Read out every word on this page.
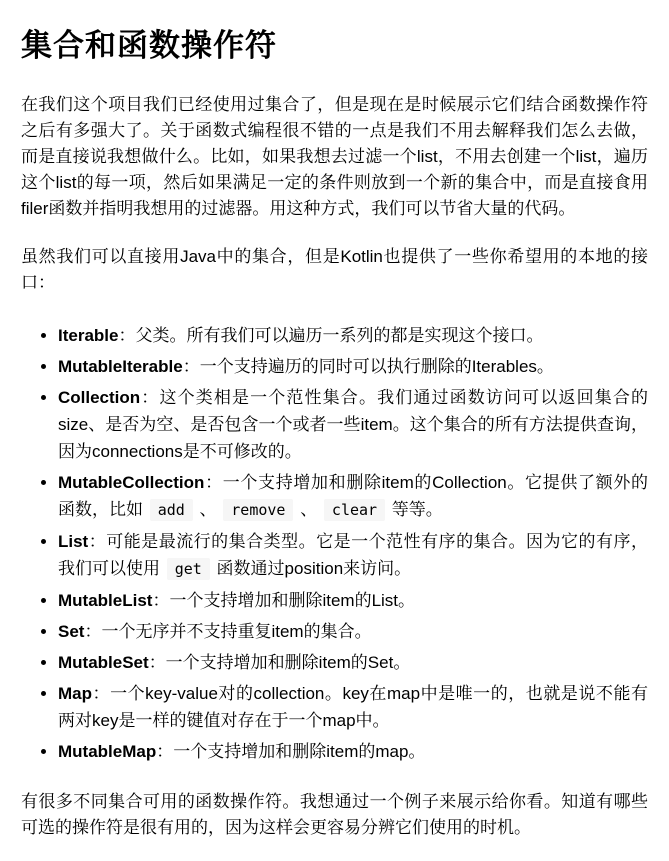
集合和函数操作符

在我们这个项目我们已经使用过集合了，但是现在是时候展示它们结合函数操作符之后有多强大了。关于函数式编程很不错的一点是我们不用去解释我们怎么去做，而是直接说我想做什么。比如，如果我想去过滤一个list，不用去创建一个list，遍历这个list的每一项，然后如果满足一定的条件则放到一个新的集合中，而是直接食用filer函数并指明我想用的过滤器。用这种方式，我们可以节省大量的代码。

虽然我们可以直接用Java中的集合，但是Kotlin也提供了一些你希望用的本地的接口：

• Iterable：父类。所有我们可以遍历一系列的都是实现这个接口。
• MutableIterable：一个支持遍历的同时可以执行删除的Iterables。
• Collection：这个类相是一个范性集合。我们通过函数访问可以返回集合的size、是否为空、是否包含一个或者一些item。这个集合的所有方法提供查询，因为connections是不可修改的。
• MutableCollection：一个支持增加和删除item的Collection。它提供了额外的函数，比如 add 、 remove 、 clear 等等。
• List：可能是最流行的集合类型。它是一个范性有序的集合。因为它的有序，我们可以使用 get 函数通过position来访问。
• MutableList：一个支持增加和删除item的List。
• Set：一个无序并不支持重复item的集合。
• MutableSet：一个支持增加和删除item的Set。
• Map：一个key-value对的collection。key在map中是唯一的，也就是说不能有两对key是一样的键值对存在于一个map中。
• MutableMap：一个支持增加和删除item的map。

有很多不同集合可用的函数操作符。我想通过一个例子来展示给你看。知道有哪些可选的操作符是很有用的，因为这样会更容易分辨它们使用的时机。
